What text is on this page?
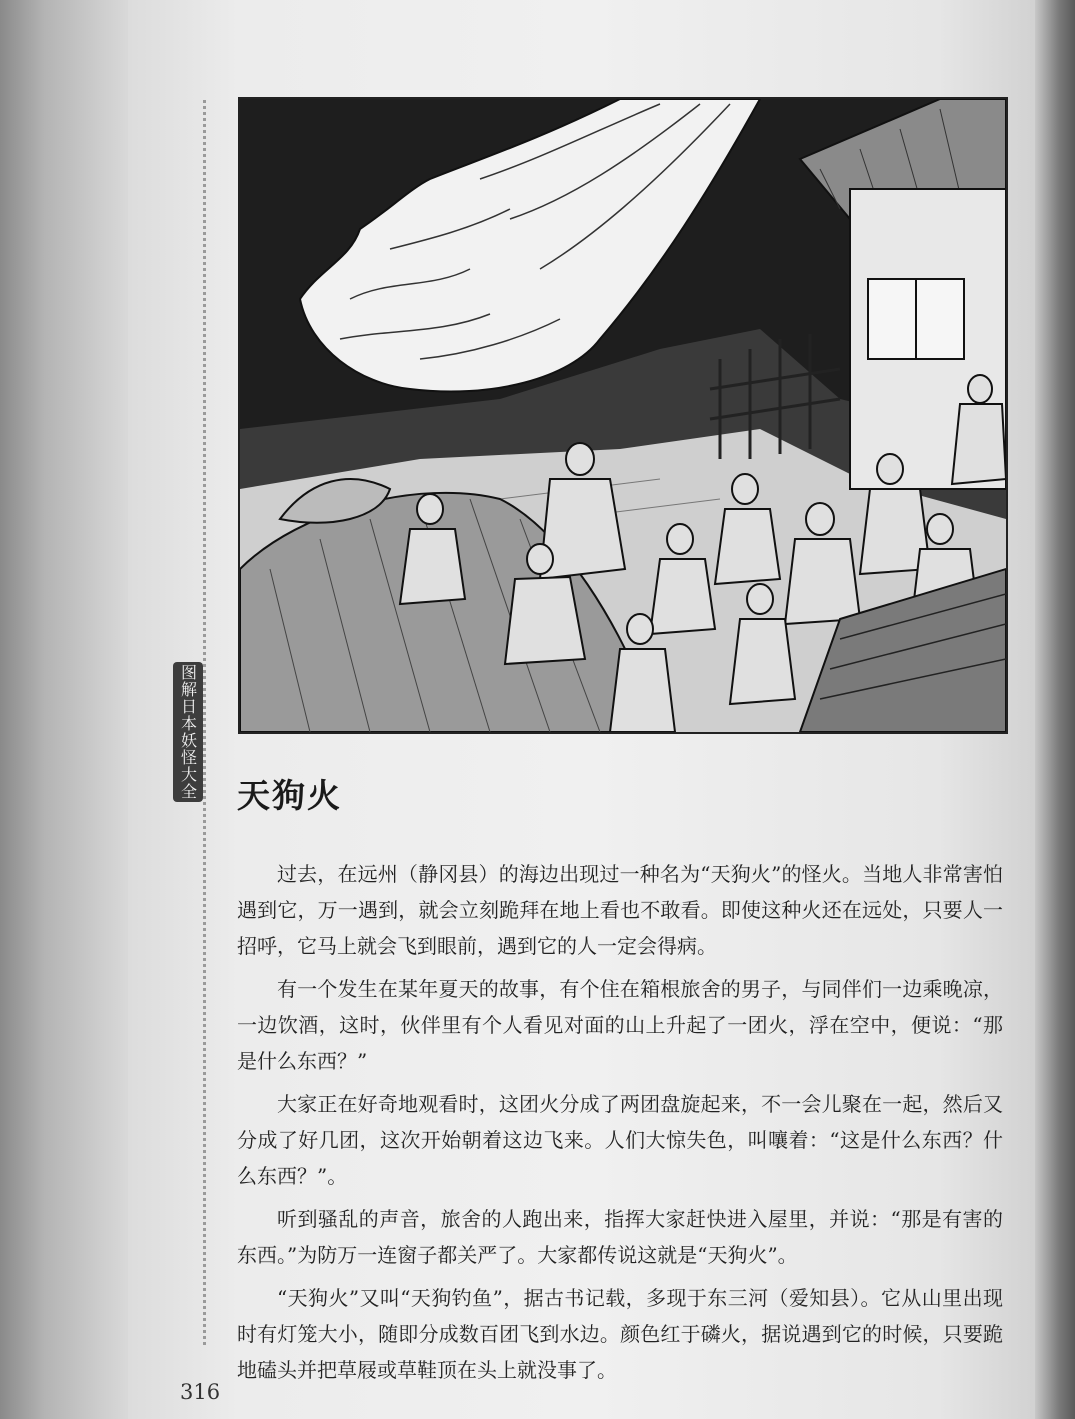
图解日本妖怪大全 天狗火

过去，在远州（静冈县）的海边出现过一种名为“天狗火”的怪火。当地人非常害怕遇到它，万一遇到，就会立刻跪拜在地上看也不敢看。即使这种火还在远处，只要人一招呼，它马上就会飞到眼前，遇到它的人一定会得病。

有一个发生在某年夏天的故事，有个住在箱根旅舍的男子，与同伴们一边乘晚凉，一边饮酒，这时，伙伴里有个人看见对面的山上升起了一团火，浮在空中，便说：“那是什么东西？”

大家正在好奇地观看时，这团火分成了两团盘旋起来，不一会儿聚在一起，然后又分成了好几团，这次开始朝着这边飞来。人们大惊失色，叫嚷着：“这是什么东西？什么东西？”。

听到骚乱的声音，旅舍的人跑出来，指挥大家赶快进入屋里，并说：“那是有害的东西。”为防万一连窗子都关严了。大家都传说这就是“天狗火”。

“天狗火”又叫“天狗钓鱼”，据古书记载，多现于东三河（爱知县）。它从山里出现时有灯笼大小，随即分成数百团飞到水边。颜色红于磷火，据说遇到它的时候，只要跪地磕头并把草屐或草鞋顶在头上就没事了。

316
